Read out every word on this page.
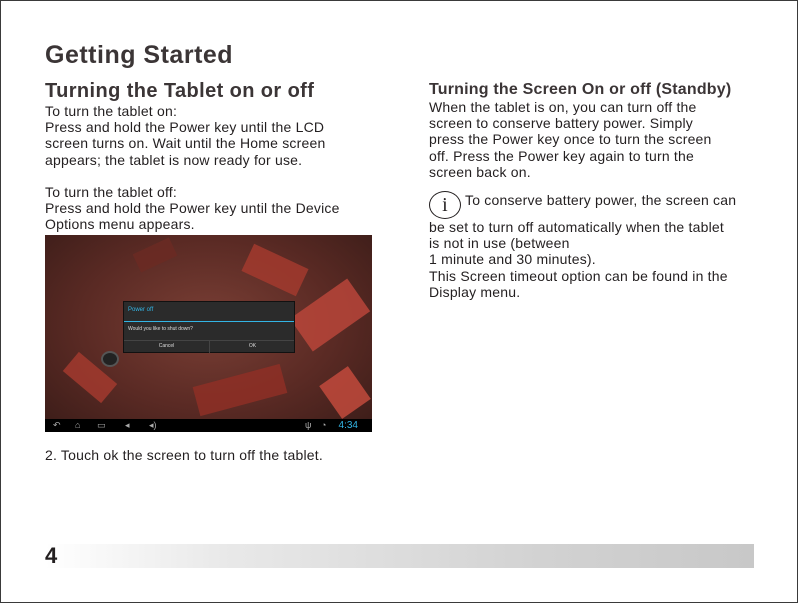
Getting Started
Turning the Tablet on or off

To turn the tablet on:

Press and hold the Power key until the LCD
screen turns on. Wait until the Home screen
appears; the tablet is now ready for use.

To turn the tablet off:

Press and hold the Power key until the Device
Options menu appears.

Power off
Would you like to shut down?
Cancel	OK
↶ ⌂ ▭ ◂ ◂)	ψ ◔ 4:34

2. Touch ok the screen to turn off the tablet.

Turning the Screen On or off (Standby)

When the tablet is on, you can turn off the
screen to conserve battery power. Simply
press the Power key once to turn the screen
off. Press the Power key again to turn the
screen back on.

i To conserve battery power, the screen can

be set to turn off automatically when the tablet
is not in use (between
1 minute and 30 minutes).
This Screen timeout option can be found in the
Display menu.

4
